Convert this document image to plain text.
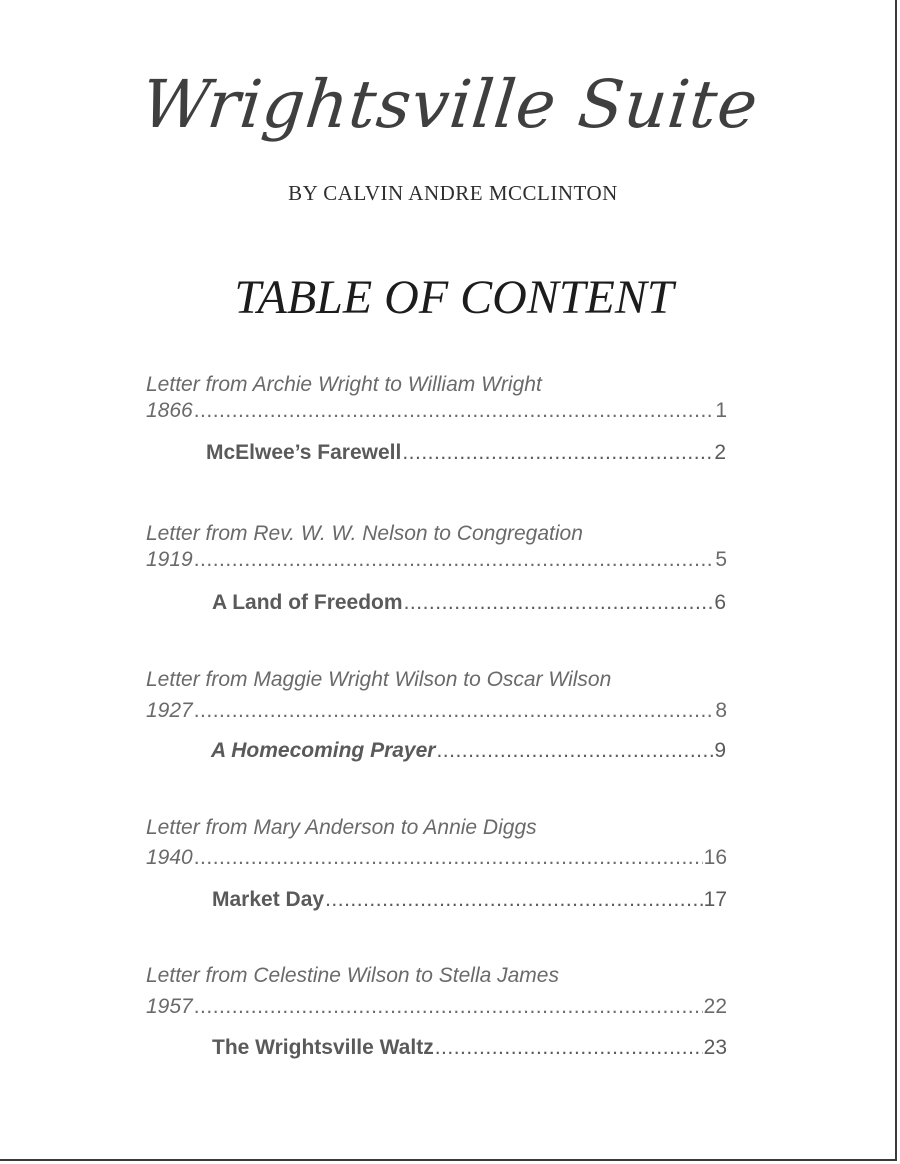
Wrightsville Suite
BY CALVIN ANDRE MCCLINTON
TABLE OF CONTENT
Letter from Archie Wright to William Wright
1866 .....	1
McElwee’s Farewell .....	2
Letter from Rev. W. W. Nelson to Congregation
1919 .....	5
A Land of Freedom .....	6
Letter from Maggie Wright Wilson to Oscar Wilson
1927 .....	8
A Homecoming Prayer .....	9
Letter from Mary Anderson to Annie Diggs
1940 .....	16
Market Day .....	17
Letter from Celestine Wilson to Stella James
1957 .....	22
The Wrightsville Waltz .....	23
